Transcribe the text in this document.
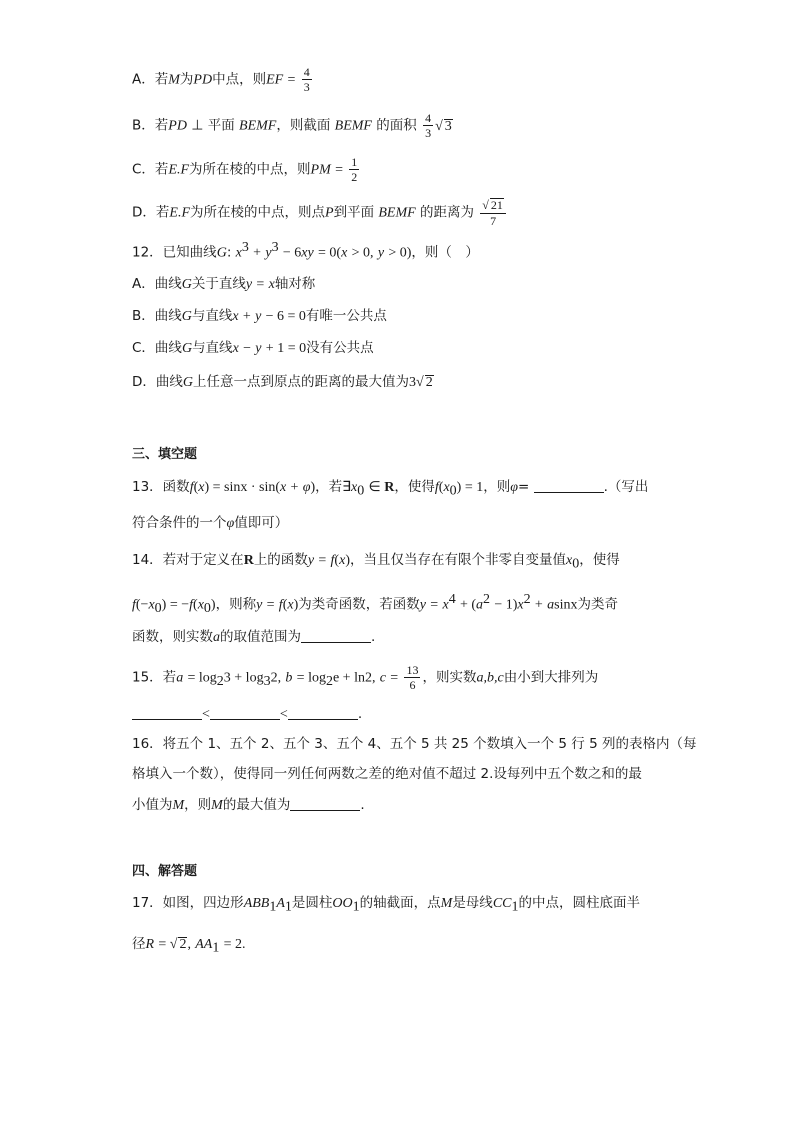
A．若M为PD中点，则EF = $\frac{4}{3}$
B．若PD ⊥ 平面 BEMF，则截面 BEMF 的面积 $\frac{4}{3}$ √ 3
C．若E.F为所在棱的中点，则PM = $\frac{1}{2}$
D．若E.F为所在棱的中点，则点P到平面 BEMF 的距离为 $\frac{√ 21}{7}$
12．已知曲线G: $x^3 + y^3 - 6xy = 0(x > 0$, y > 0)，则（　）
A．曲线G关于直线y = x轴对称
B．曲线G与直线x + y − 6 = 0有唯一公共点
C．曲线G与直线x − y + 1 = 0没有公共点
D．曲线G上任意一点到原点的距离的最大值为3√ 2
三、填空题
13．函数f(x) = sinx · sin(x + φ)，若$\exists x_0$ ∈ R，使得$f(x_0) = 1$，则φ=	.（写出
符合条件的一个φ值即可）
14．若对于定义在R上的函数y = f(x)，当且仅当存在有限个非零自变量值$x_0$，使得
$f(-x_0) = -f(x_0)$，则称y = f(x)为类奇函数，若函数$y = x^4 + (a^2 - 1)x^2 + asinx$为类奇
函数，则实数a的取值范围为	.
15．若$a = \log_23 + \log_32$, $b = \log_2e + \ln 2$, $c = \frac{13}{6}$ ，则实数a,b,c由小到大排列为
<	<	.
16．将五个 1、五个 2、五个 3、五个 4、五个 5 共 25 个数填入一个 5 行 5 列的表格内（每
格填入一个数），使得同一列任何两数之差的绝对值不超过 2.设每列中五个数之和的最
小值为M，则M的最大值为	.
四、解答题
17．如图，四边形$ABB_1A_1$是圆柱$OO_1$的轴截面，点M是母线$CC_1$的中点，圆柱底面半
径R = √ 2, $AA_1 = 2$.
